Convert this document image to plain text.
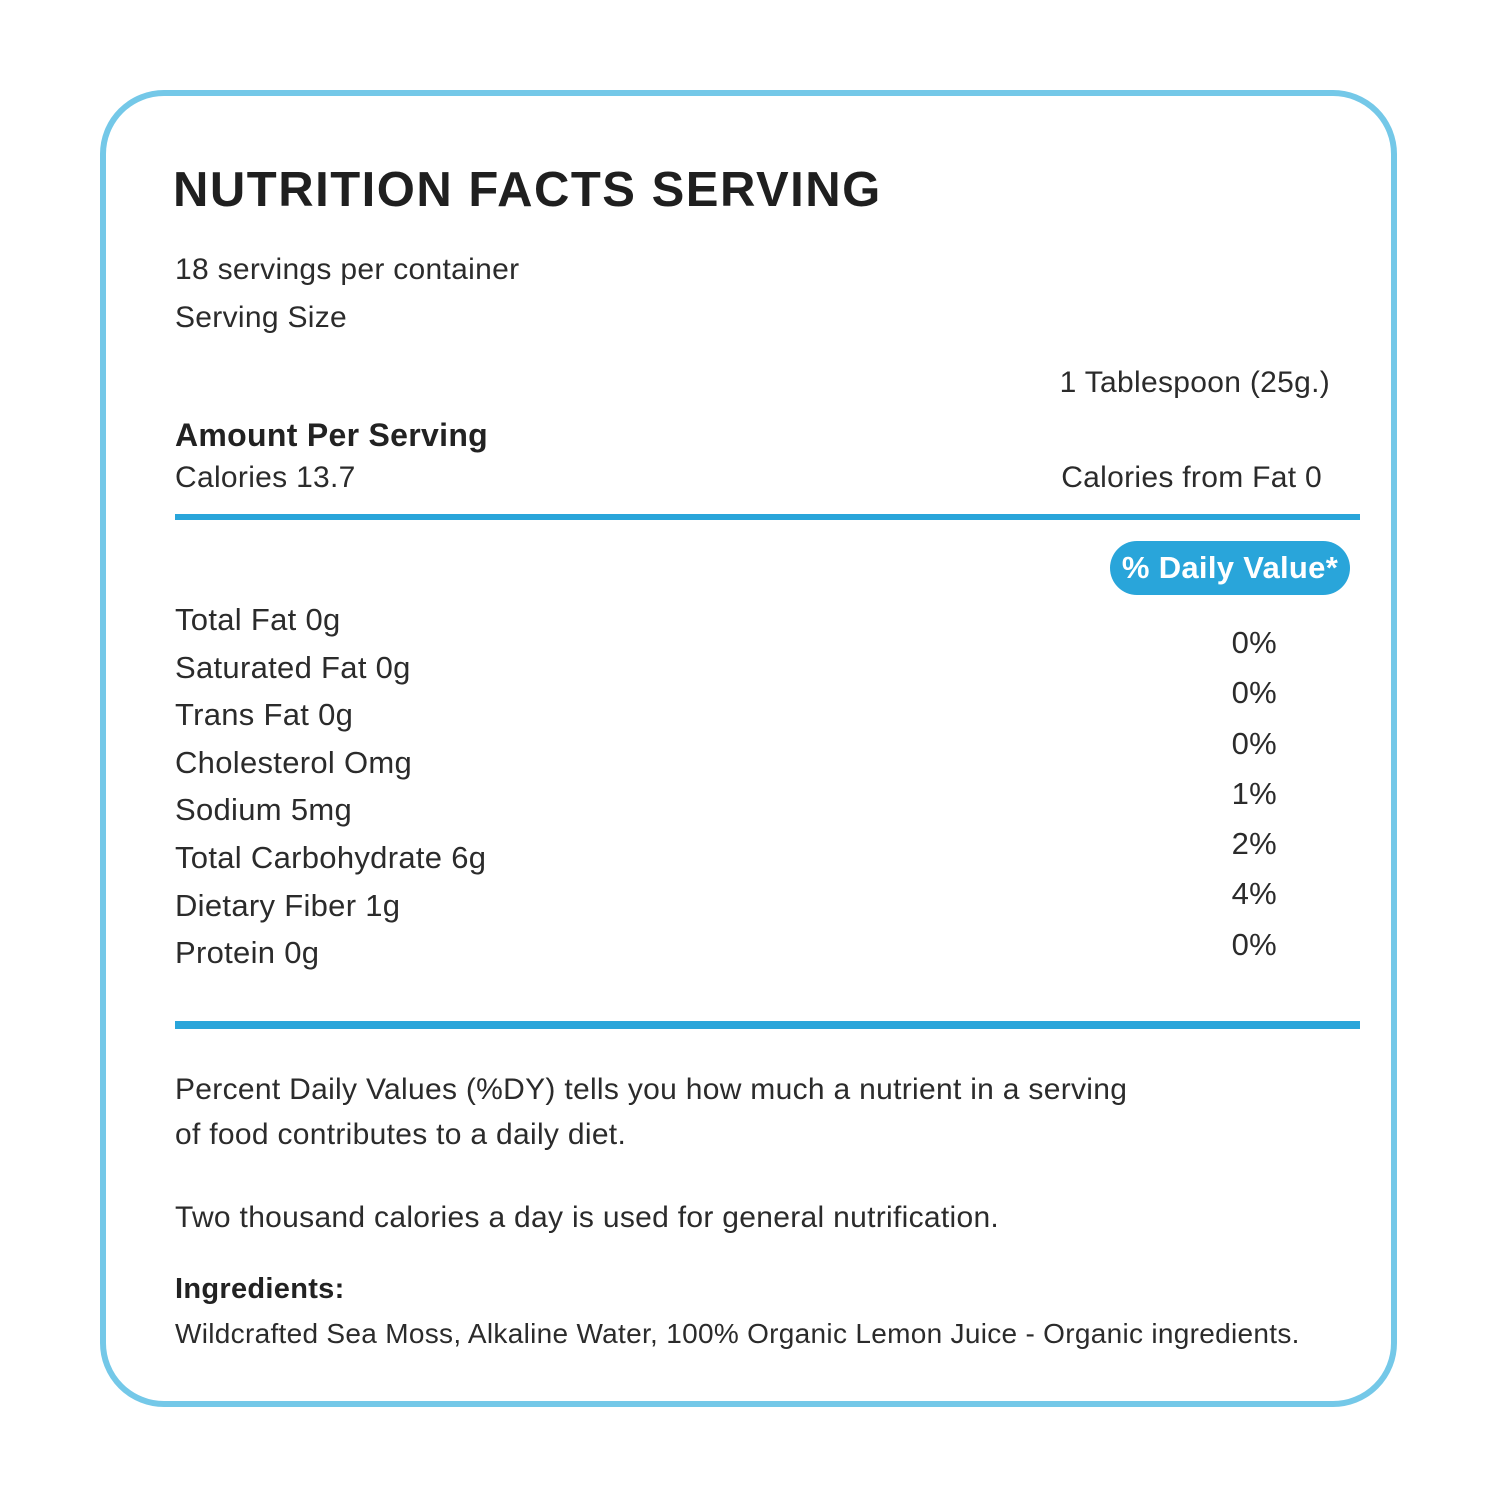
NUTRITION FACTS SERVING
18 servings per container
Serving Size
1 Tablespoon (25g.)
Amount Per Serving
Calories 13.7	Calories from Fat 0
% Daily Value*
Total Fat 0g
Saturated Fat 0g
Trans Fat 0g
Cholesterol Omg
Sodium 5mg
Total Carbohydrate 6g
Dietary Fiber 1g
Protein 0g
0%
0%
0%
1%
2%
4%
0%
Percent Daily Values (%DY) tells you how much a nutrient in a serving
of food contributes to a daily diet.
Two thousand calories a day is used for general nutrification.
Ingredients:
Wildcrafted Sea Moss, Alkaline Water, 100% Organic Lemon Juice - Organic ingredients.
